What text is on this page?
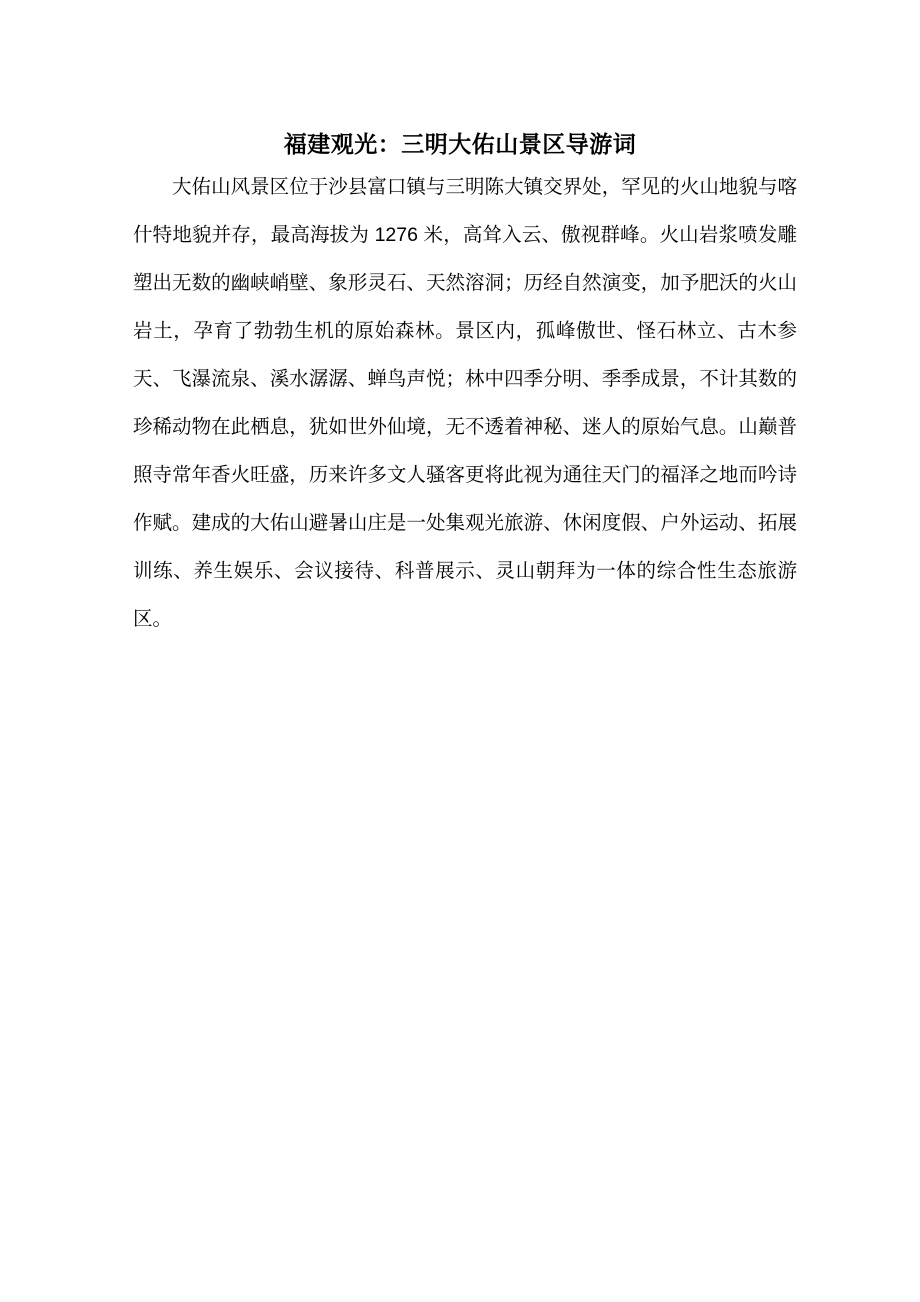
福建观光：三明大佑山景区导游词

大佑山风景区位于沙县富口镇与三明陈大镇交界处，罕见的火山地貌与喀什特地貌并存，最高海拔为 1276 米，高耸入云、傲视群峰。火山岩浆喷发雕塑出无数的幽峡峭壁、象形灵石、天然溶洞；历经自然演变，加予肥沃的火山岩土，孕育了勃勃生机的原始森林。景区内，孤峰傲世、怪石林立、古木参天、飞瀑流泉、溪水潺潺、蝉鸟声悦；林中四季分明、季季成景，不计其数的珍稀动物在此栖息，犹如世外仙境，无不透着神秘、迷人的原始气息。山巅普照寺常年香火旺盛，历来许多文人骚客更将此视为通往天门的福泽之地而吟诗作赋。建成的大佑山避暑山庄是一处集观光旅游、休闲度假、户外运动、拓展训练、养生娱乐、会议接待、科普展示、灵山朝拜为一体的综合性生态旅游区。
